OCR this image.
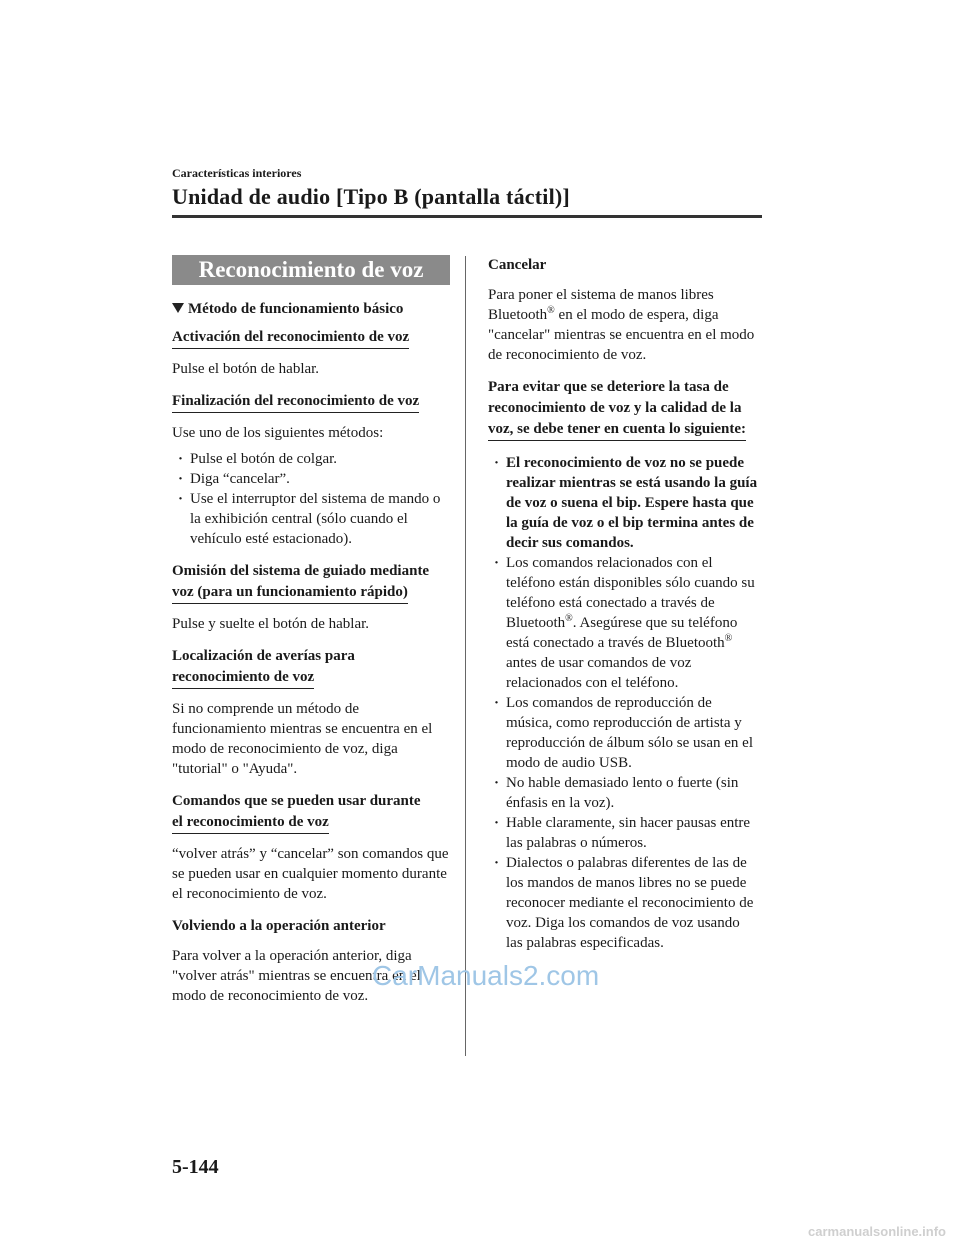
Características interiores
Unidad de audio [Tipo B (pantalla táctil)]
Reconocimiento de voz
Método de funcionamiento básico
Activación del reconocimiento de voz

Pulse el botón de hablar.

Finalización del reconocimiento de voz

Use uno de los siguientes métodos:

· Pulse el botón de colgar.
· Diga “cancelar”.
· Use el interruptor del sistema de mando o la exhibición central (sólo cuando el vehículo esté estacionado).
Omisión del sistema de guiado mediante
voz (para un funcionamiento rápido)

Pulse y suelte el botón de hablar.

Localización de averías para
reconocimiento de voz

Si no comprende un método de funcionamiento mientras se encuentra en el modo de reconocimiento de voz, diga "tutorial" o "Ayuda".

Comandos que se pueden usar durante
el reconocimiento de voz

“volver atrás” y “cancelar” son comandos que se pueden usar en cualquier momento durante el reconocimiento de voz.

Volviendo a la operación anterior

Para volver a la operación anterior, diga "volver atrás" mientras se encuentra en el modo de reconocimiento de voz.

Cancelar

Para poner el sistema de manos libres Bluetooth® en el modo de espera, diga "cancelar" mientras se encuentra en el modo de reconocimiento de voz.

Para evitar que se deteriore la tasa de
reconocimiento de voz y la calidad de la
voz, se debe tener en cuenta lo siguiente:
· El reconocimiento de voz no se puede realizar mientras se está usando la guía de voz o suena el bip. Espere hasta que la guía de voz o el bip termina antes de decir sus comandos.
· Los comandos relacionados con el teléfono están disponibles sólo cuando su teléfono está conectado a través de Bluetooth®. Asegúrese que su teléfono está conectado a través de Bluetooth® antes de usar comandos de voz relacionados con el teléfono.
· Los comandos de reproducción de música, como reproducción de artista y reproducción de álbum sólo se usan en el modo de audio USB.
· No hable demasiado lento o fuerte (sin énfasis en la voz).
· Hable claramente, sin hacer pausas entre las palabras o números.
· Dialectos o palabras diferentes de las de los mandos de manos libres no se puede reconocer mediante el reconocimiento de voz. Diga los comandos de voz usando las palabras especificadas.
CarManuals2.com
5-144
carmanualsonline.info
